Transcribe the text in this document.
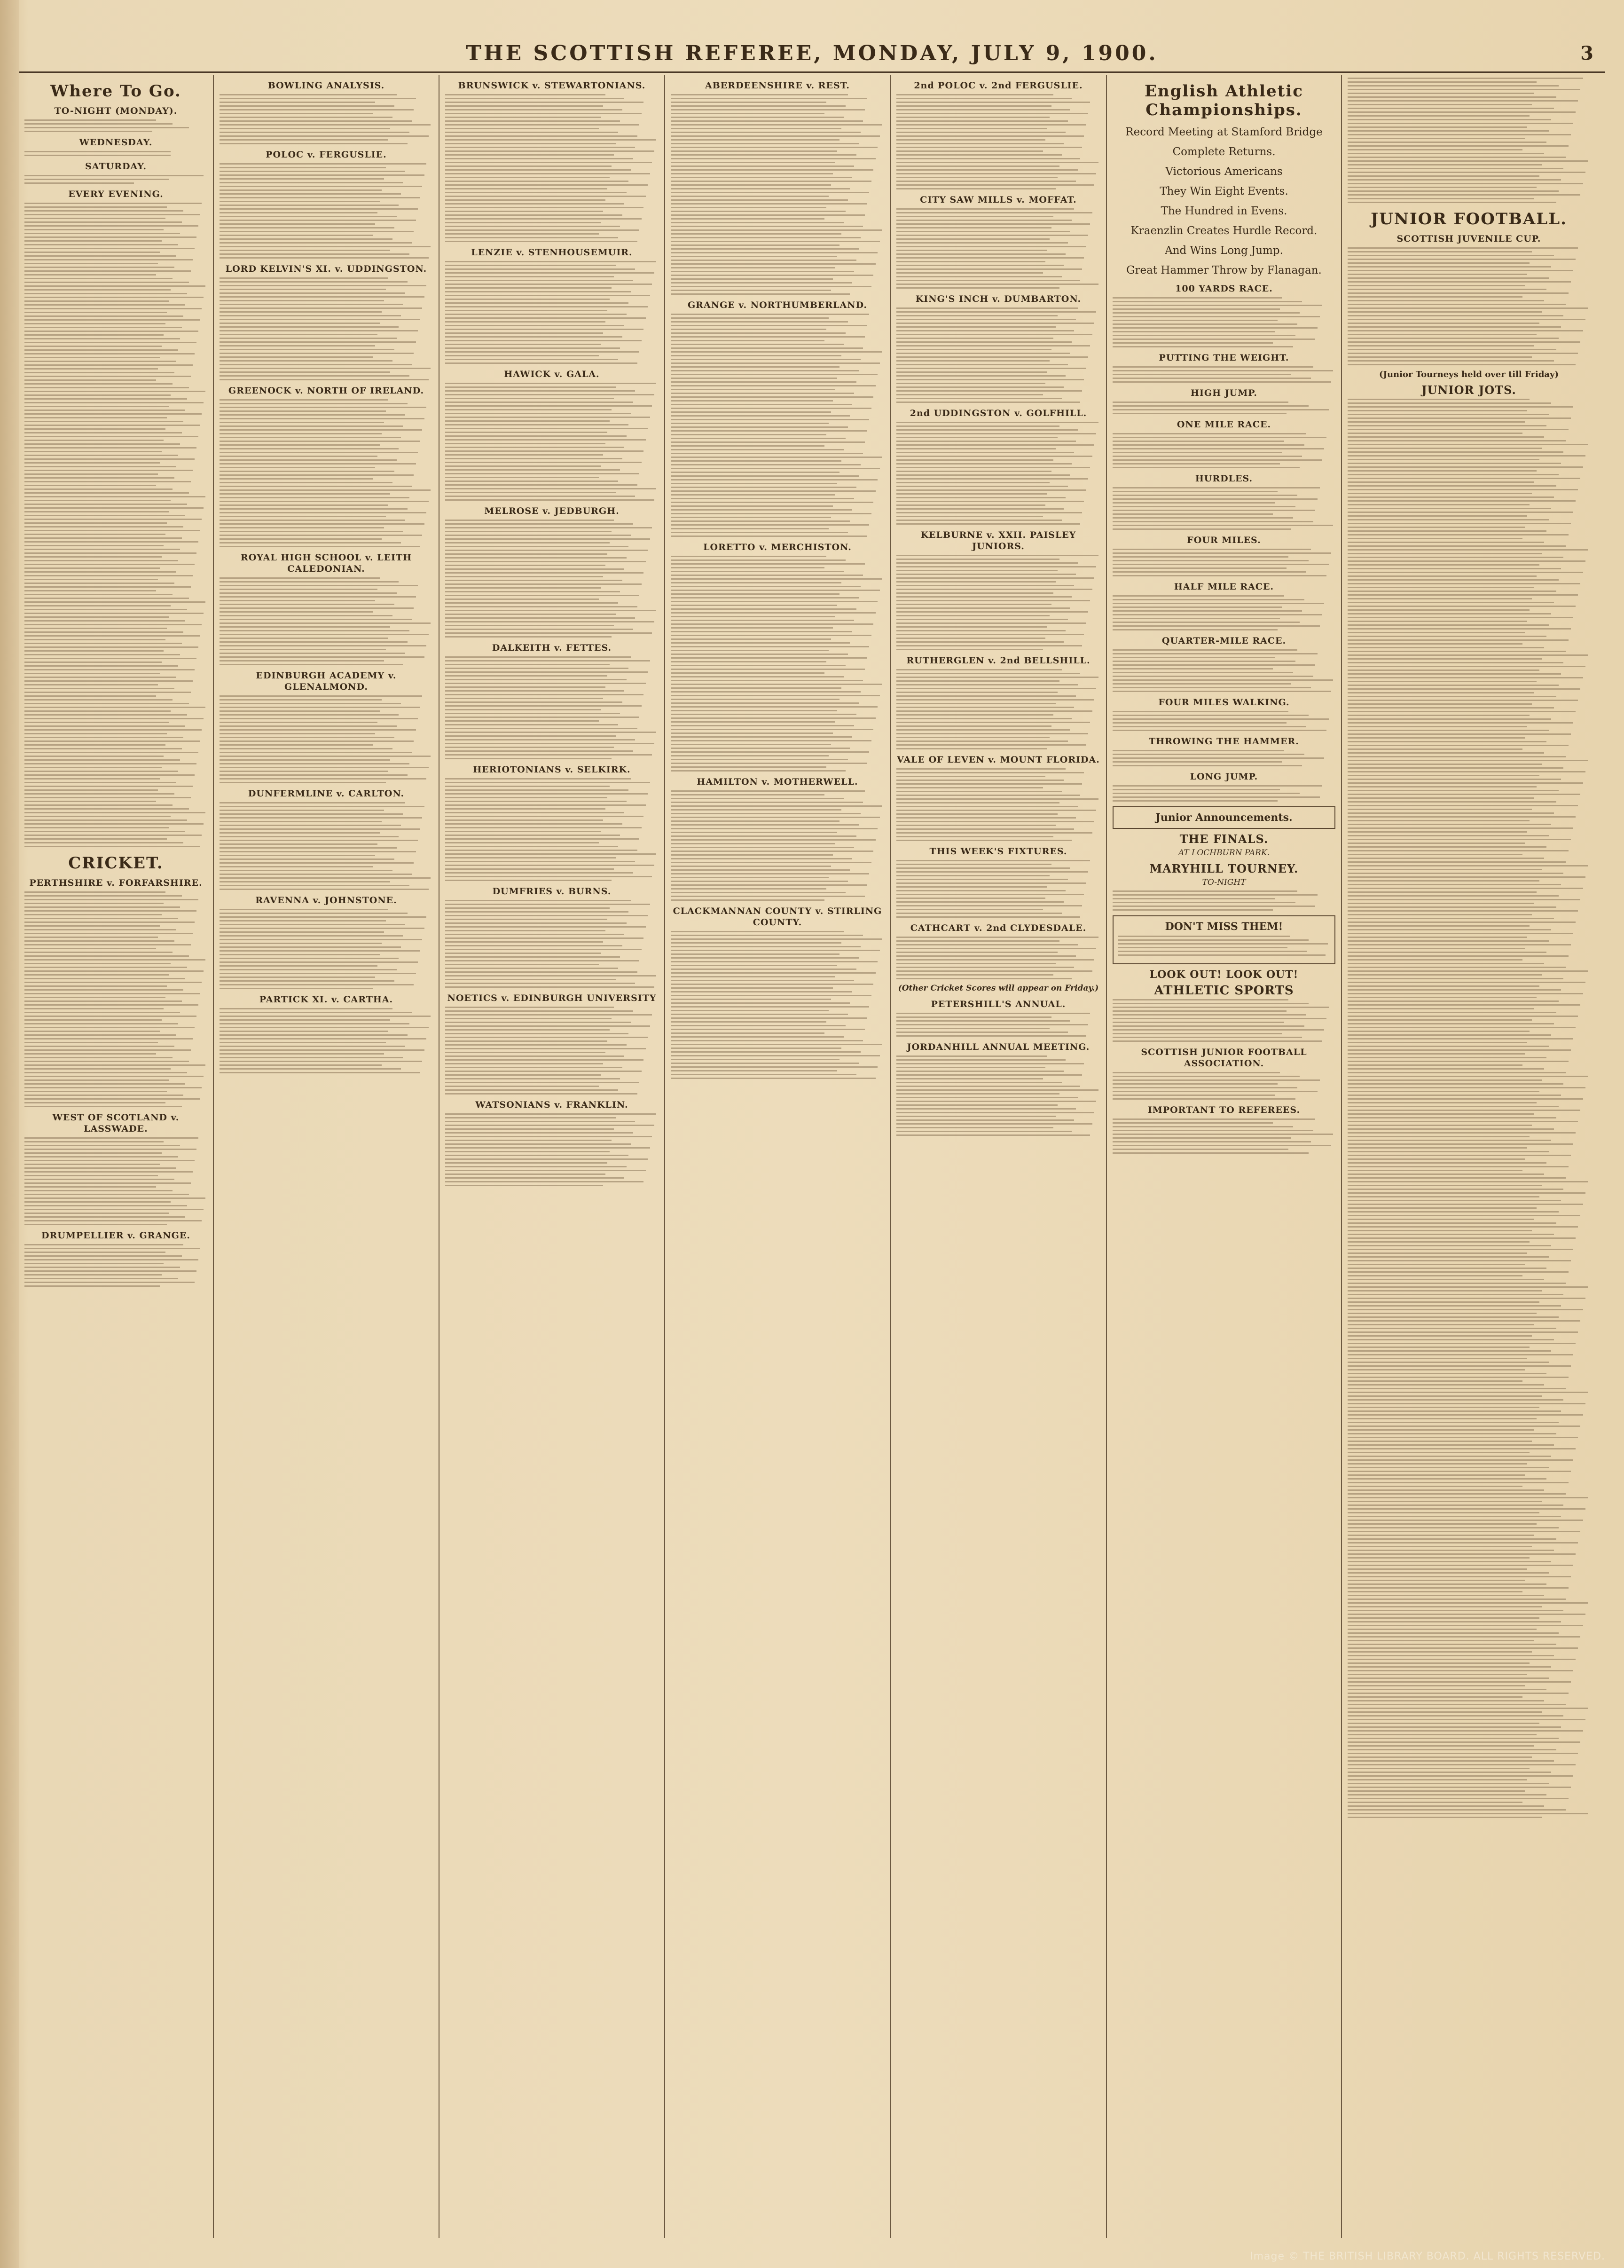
THE SCOTTISH REFEREE, MONDAY, JULY 9, 1900.	3
Where To Go.
TO-NIGHT (MONDAY).
WEDNESDAY.
SATURDAY.
EVERY EVENING.
CRICKET.
PERTHSHIRE v. FORFARSHIRE.
WEST OF SCOTLAND v. LASSWADE.
DRUMPELLIER v. GRANGE.
BOWLING ANALYSIS.
POLOC v. FERGUSLIE.
LORD KELVIN'S XI. v. UDDINGSTON.
GREENOCK v. NORTH OF IRELAND.
ROYAL HIGH SCHOOL v. LEITH CALEDONIAN.
EDINBURGH ACADEMY v. GLENALMOND.
DUNFERMLINE v. CARLTON.
RAVENNA v. JOHNSTONE.
PARTICK XI. v. CARTHA.
BRUNSWICK v. STEWARTONIANS.
LENZIE v. STENHOUSEMUIR.
HAWICK v. GALA.
MELROSE v. JEDBURGH.
DALKEITH v. FETTES.
HERIOTONIANS v. SELKIRK.
DUMFRIES v. BURNS.
NOETICS v. EDINBURGH UNIVERSITY
WATSONIANS v. FRANKLIN.
ABERDEENSHIRE v. REST.
GRANGE v. NORTHUMBERLAND.
LORETTO v. MERCHISTON.
HAMILTON v. MOTHERWELL.
CLACKMANNAN COUNTY v. STIRLING COUNTY.
2nd POLOC v. 2nd FERGUSLIE.
CITY SAW MILLS v. MOFFAT.
KING'S INCH v. DUMBARTON.
2nd UDDINGSTON v. GOLFHILL.
KELBURNE v. XXII. PAISLEY JUNIORS.
RUTHERGLEN v. 2nd BELLSHILL.
VALE OF LEVEN v. MOUNT FLORIDA.
THIS WEEK'S FIXTURES.
CATHCART v. 2nd CLYDESDALE.
(Other Cricket Scores will appear on Friday.)
PETERSHILL'S ANNUAL.
JORDANHILL ANNUAL MEETING.
English Athletic Championships.
Record Meeting at Stamford Bridge
Complete Returns.
Victorious Americans
They Win Eight Events.
The Hundred in Evens.
Kraenzlin Creates Hurdle Record.
And Wins Long Jump.
Great Hammer Throw by Flanagan.
100 YARDS RACE.
PUTTING THE WEIGHT.
HIGH JUMP.
ONE MILE RACE.
HURDLES.
FOUR MILES.
HALF MILE RACE.
QUARTER-MILE RACE.
FOUR MILES WALKING.
THROWING THE HAMMER.
LONG JUMP.
Junior Announcements.
THE FINALS.
AT LOCHBURN PARK.
MARYHILL TOURNEY.
TO-NIGHT
DON'T MISS THEM!
LOOK OUT! LOOK OUT!
ATHLETIC SPORTS
SCOTTISH JUNIOR FOOTBALL ASSOCIATION.
IMPORTANT TO REFEREES.
JUNIOR FOOTBALL.
SCOTTISH JUVENILE CUP.
(Junior Tourneys held over till Friday)
JUNIOR JOTS.
Image © THE BRITISH LIBRARY BOARD. ALL RIGHTS RESERVED.
